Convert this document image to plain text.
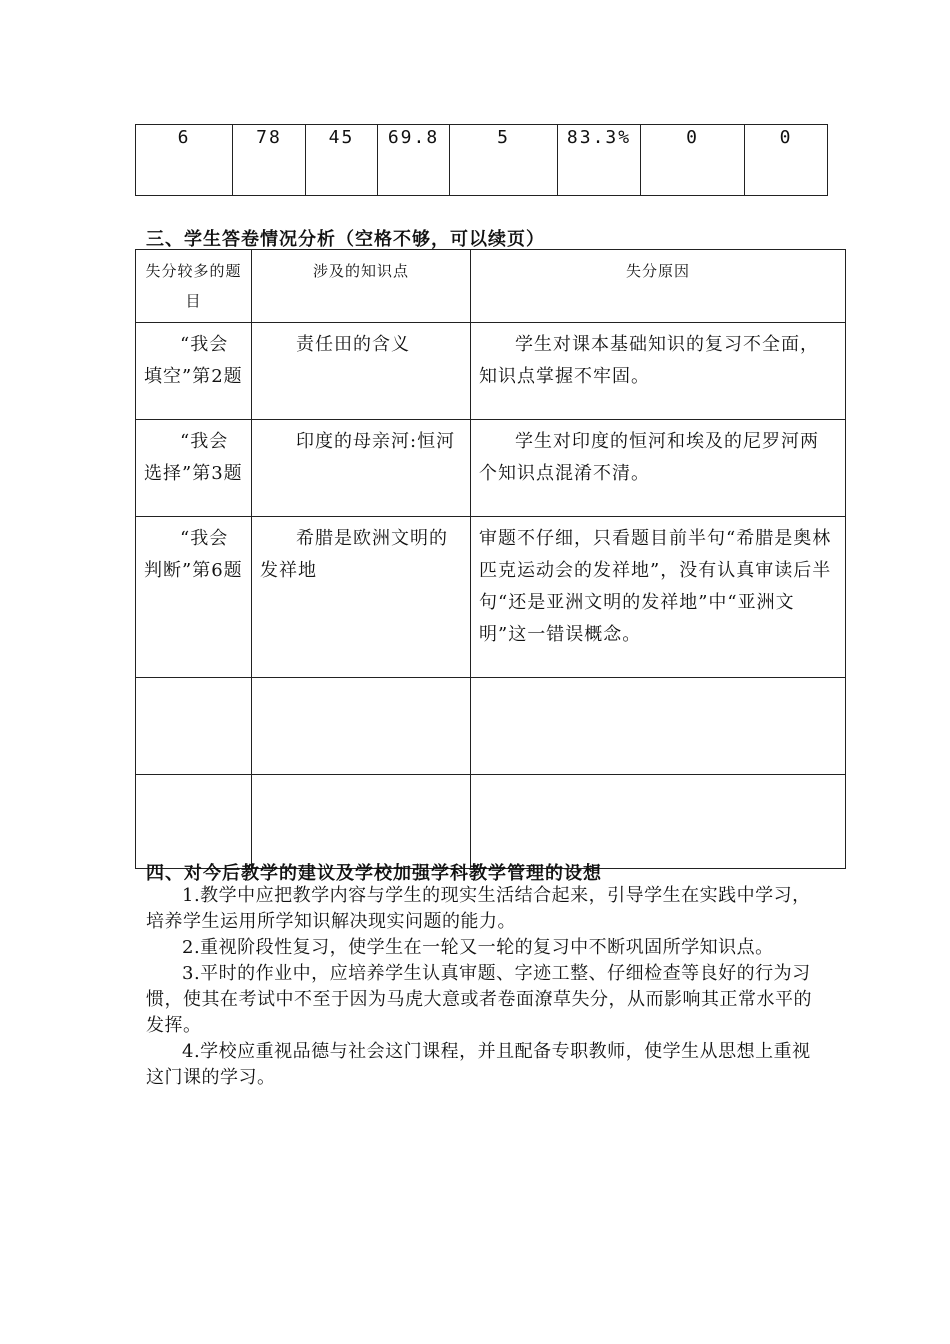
6	78	45	69.8	5	83.3%	0	0
三、学生答卷情况分析（空格不够，可以续页）
失分较多的题目	涉及的知识点	失分原因
“我会填空”第2题	责任田的含义	学生对课本基础知识的复习不全面，知识点掌握不牢固。
“我会选择”第3题	印度的母亲河:恒河	学生对印度的恒河和埃及的尼罗河两个知识点混淆不清。
“我会判断”第6题	希腊是欧洲文明的发祥地	审题不仔细，只看题目前半句“希腊是奥林匹克运动会的发祥地”，没有认真审读后半句“还是亚洲文明的发祥地”中“亚洲文明”这一错误概念。

四、对今后教学的建议及学校加强学科教学管理的设想

1.教学中应把教学内容与学生的现实生活结合起来，引导学生在实践中学习，培养学生运用所学知识解决现实问题的能力。

2.重视阶段性复习，使学生在一轮又一轮的复习中不断巩固所学知识点。

3.平时的作业中，应培养学生认真审题、字迹工整、仔细检查等良好的行为习惯，使其在考试中不至于因为马虎大意或者卷面潦草失分，从而影响其正常水平的发挥。

4.学校应重视品德与社会这门课程，并且配备专职教师，使学生从思想上重视这门课的学习。
